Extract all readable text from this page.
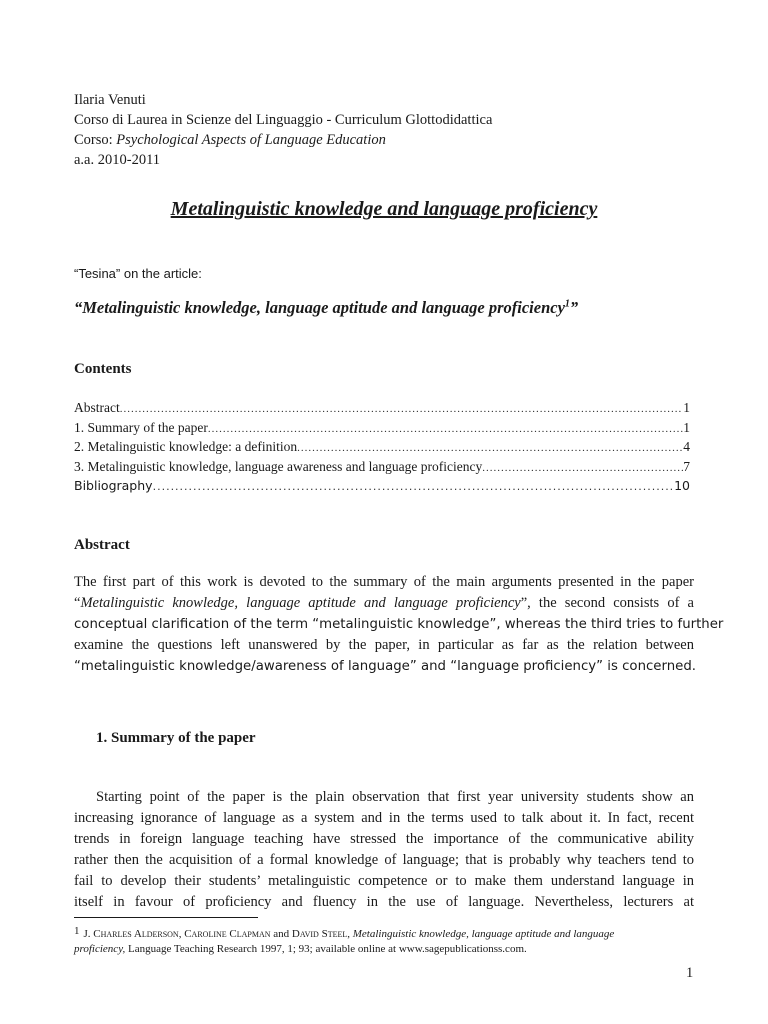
Ilaria Venuti
Corso di Laurea in Scienze del Linguaggio - Curriculum Glottodidattica
Corso: Psychological Aspects of Language Education
a.a. 2010-2011
Metalinguistic knowledge and language proficiency
“Tesina” on the article:
“Metalinguistic knowledge, language aptitude and language proficiency$^1$”
Contents
Abstract .....	1
1. Summary of the paper .....	1
2. Metalinguistic knowledge: a definition .....	4
3. Metalinguistic knowledge, language awareness and language proficiency .....	7
Bibliography .....	10
Abstract
The first part of this work is devoted to the summary of the main arguments presented in the paper
“Metalinguistic knowledge, language aptitude and language proficiency”, the second consists of a
conceptual clarification of the term “metalinguistic knowledge”, whereas the third tries to further
examine the questions left unanswered by the paper, in particular as far as the relation between
“metalinguistic knowledge/awareness of language” and “language proficiency” is concerned.
1. Summary of the paper
Starting point of the paper is the plain observation that first year university students show an
increasing ignorance of language as a system and in the terms used to talk about it. In fact, recent
trends in foreign language teaching have stressed the importance of the communicative ability
rather then the acquisition of a formal knowledge of language; that is probably why teachers tend to
fail to develop their students’ metalinguistic competence or to make them understand language in
itself in favour of proficiency and fluency in the use of language. Nevertheless, lecturers at
$^1$ J. Charles Alderson, Caroline Clapman and David Steel, Metalinguistic knowledge, language aptitude and language
proficiency, Language Teaching Research 1997, 1; 93; available online at www.sagepublicationss.com.
1
